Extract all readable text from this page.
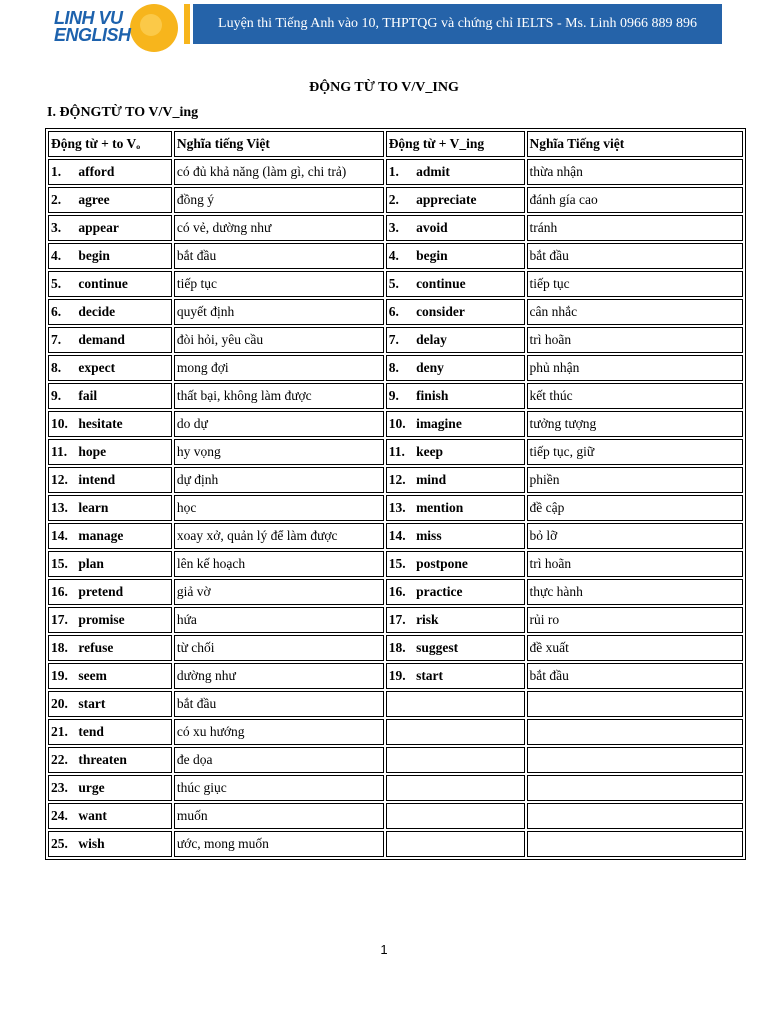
LINH VU
ENGLISH
Luyện thi Tiếng Anh vào 10, THPTQG và chứng chỉ IELTS - Ms. Linh 0966 889 896
ĐỘNG TỪ TO V/V_ING
I. ĐỘNGTỪ TO V/V_ing
Động từ + to Vₒ	Nghĩa tiếng Việt	Động từ + V_ing	Nghĩa Tiếng việt
1. afford	có đủ khả năng (làm gì, chi trả)	1. admit	thừa nhận
2. agree	đồng ý	2. appreciate	đánh gía cao
3. appear	có vẻ, dường như	3. avoid	tránh
4. begin	bắt đầu	4. begin	bắt đầu
5. continue	tiếp tục	5. continue	tiếp tục
6. decide	quyết định	6. consider	cân nhắc
7. demand	đòi hỏi, yêu cầu	7. delay	trì hoãn
8. expect	mong đợi	8. deny	phủ nhận
9. fail	thất bại, không làm được	9. finish	kết thúc
10. hesitate	do dự	10. imagine	tưởng tượng
11. hope	hy vọng	11. keep	tiếp tục, giữ
12. intend	dự định	12. mind	phiền
13. learn	học	13. mention	đề cập
14. manage	xoay xở, quản lý để làm được	14. miss	bỏ lỡ
15. plan	lên kế hoạch	15. postpone	trì hoãn
16. pretend	giả vờ	16. practice	thực hành
17. promise	hứa	17. risk	rủi ro
18. refuse	từ chối	18. suggest	đề xuất
19. seem	dường như	19. start	bắt đầu
20. start	bắt đầu		
21. tend	có xu hướng		
22. threaten	đe dọa		
23. urge	thúc giục		
24. want	muốn		
25. wish	ước, mong muốn		
1
